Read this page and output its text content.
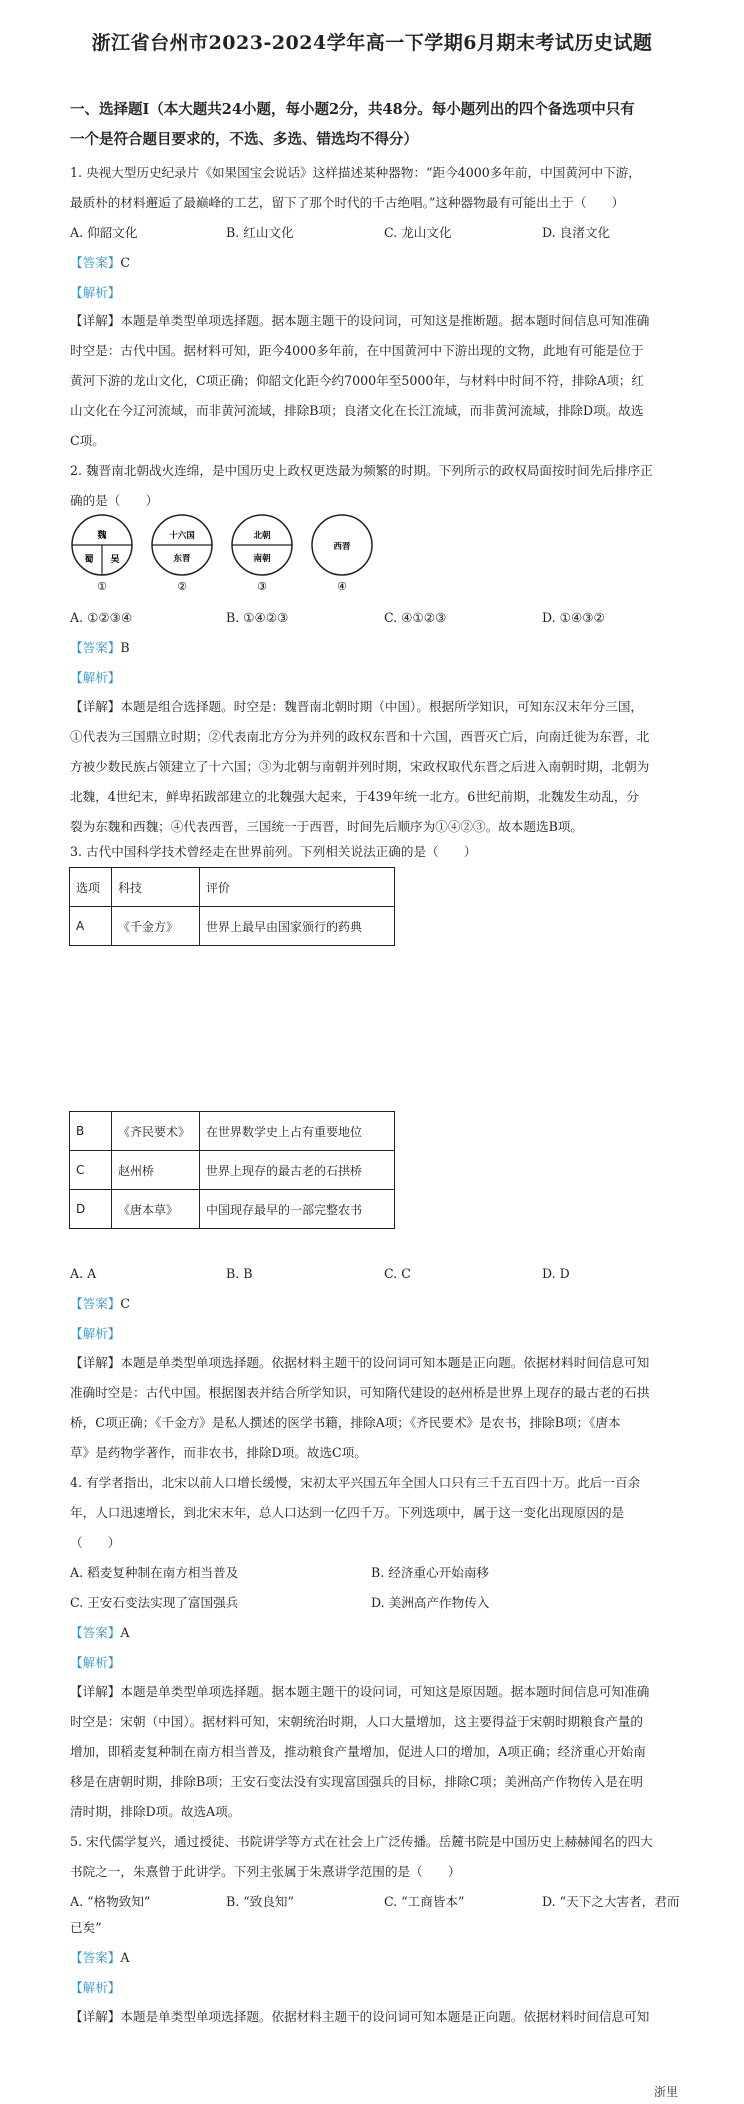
浙江省台州市2023-2024学年高一下学期6月期末考试历史试题
一、选择题Ⅰ（本大题共24小题，每小题2分，共48分。每小题列出的四个备选项中只有
一个是符合题目要求的，不选、多选、错选均不得分）
1. 央视大型历史纪录片《如果国宝会说话》这样描述某种器物：“距今4000多年前，中国黄河中下游，
最质朴的材料邂逅了最巅峰的工艺，留下了那个时代的千古绝唱。”这种器物最有可能出土于（　　）
A. 仰韶文化	B. 红山文化	C. 龙山文化	D. 良渚文化
【答案】C
【解析】
【详解】本题是单类型单项选择题。据本题主题干的设问词，可知这是推断题。据本题时间信息可知准确
时空是：古代中国。据材料可知，距今4000多年前，在中国黄河中下游出现的文物，此地有可能是位于
黄河下游的龙山文化，C项正确；仰韶文化距今约7000年至5000年，与材料中时间不符，排除A项；红
山文化在今辽河流域，而非黄河流域，排除B项；良渚文化在长江流域，而非黄河流域，排除D项。故选
C项。
2. 魏晋南北朝战火连绵，是中国历史上政权更迭最为频繁的时期。下列所示的政权局面按时间先后排序正
确的是（　　）
魏
蜀 吴
①
十六国
东晋
②
北朝
南朝
③
西晋
④
A. ①②③④	B. ①④②③	C. ④①②③	D. ①④③②
【答案】B
【解析】
【详解】本题是组合选择题。时空是：魏晋南北朝时期（中国）。根据所学知识，可知东汉末年分三国，
①代表为三国鼎立时期；②代表南北方分为并列的政权东晋和十六国，西晋灭亡后，向南迁徙为东晋，北
方被少数民族占领建立了十六国；③为北朝与南朝并列时期，宋政权取代东晋之后进入南朝时期，北朝为
北魏，4世纪末，鲜卑拓跋部建立的北魏强大起来，于439年统一北方。6世纪前期，北魏发生动乱，分
裂为东魏和西魏；④代表西晋，三国统一于西晋，时间先后顺序为①④②③。故本题选B项。
3. 古代中国科学技术曾经走在世界前列。下列相关说法正确的是（　　）
选项	科技	评价
A	《千金方》	世界上最早由国家颁行的药典
B	《齐民要术》	在世界数学史上占有重要地位
C	赵州桥	世界上现存的最古老的石拱桥
D	《唐本草》	中国现存最早的一部完整农书
A. A	B. B	C. C	D. D
【答案】C
【解析】
【详解】本题是单类型单项选择题。依据材料主题干的设问词可知本题是正向题。依据材料时间信息可知
准确时空是：古代中国。根据图表并结合所学知识，可知隋代建设的赵州桥是世界上现存的最古老的石拱
桥，C项正确；《千金方》是私人撰述的医学书籍，排除A项；《齐民要术》是农书，排除B项；《唐本
草》是药物学著作，而非农书，排除D项。故选C项。
4. 有学者指出，北宋以前人口增长缓慢，宋初太平兴国五年全国人口只有三千五百四十万。此后一百余
年，人口迅速增长，到北宋末年，总人口达到一亿四千万。下列选项中，属于这一变化出现原因的是
（　　）
A. 稻麦复种制在南方相当普及	B. 经济重心开始南移
C. 王安石变法实现了富国强兵	D. 美洲高产作物传入
【答案】A
【解析】
【详解】本题是单类型单项选择题。据本题主题干的设问词，可知这是原因题。据本题时间信息可知准确
时空是：宋朝（中国）。据材料可知，宋朝统治时期，人口大量增加，这主要得益于宋朝时期粮食产量的
增加，即稻麦复种制在南方相当普及，推动粮食产量增加，促进人口的增加，A项正确；经济重心开始南
移是在唐朝时期，排除B项；王安石变法没有实现富国强兵的目标，排除C项；美洲高产作物传入是在明
清时期，排除D项。故选A项。
5. 宋代儒学复兴，通过授徒、书院讲学等方式在社会上广泛传播。岳麓书院是中国历史上赫赫闻名的四大
书院之一，朱熹曾于此讲学。下列主张属于朱熹讲学范围的是（　　）
A. “格物致知”	B. “致良知”	C. “工商皆本”	D. “天下之大害者，君而
已矣”
【答案】A
【解析】
【详解】本题是单类型单项选择题。依据材料主题干的设问词可知本题是正向题。依据材料时间信息可知
浙里
